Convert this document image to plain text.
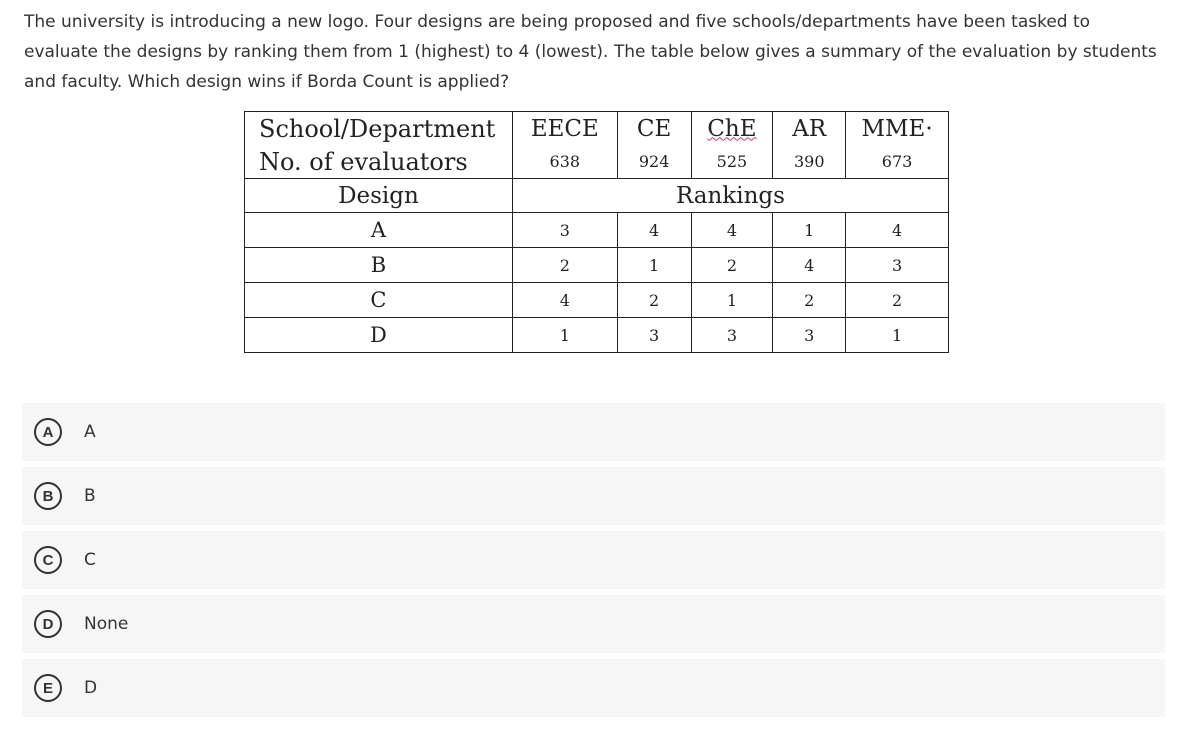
The university is introducing a new logo. Four designs are being proposed and five schools/departments have been tasked to evaluate the designs by ranking them from 1 (highest) to 4 (lowest). The table below gives a summary of the evaluation by students and faculty. Which design wins if Borda Count is applied?

School/Department	EECE	CE	ChE	AR	MME·
No. of evaluators	638	924	525	390	673
Design	Rankings				
A	3	4	4	1	4
B	2	1	2	4	3
C	4	2	1	2	2
D	1	3	3	3	1
A	A
B	B
C	C
D	None
E	D
